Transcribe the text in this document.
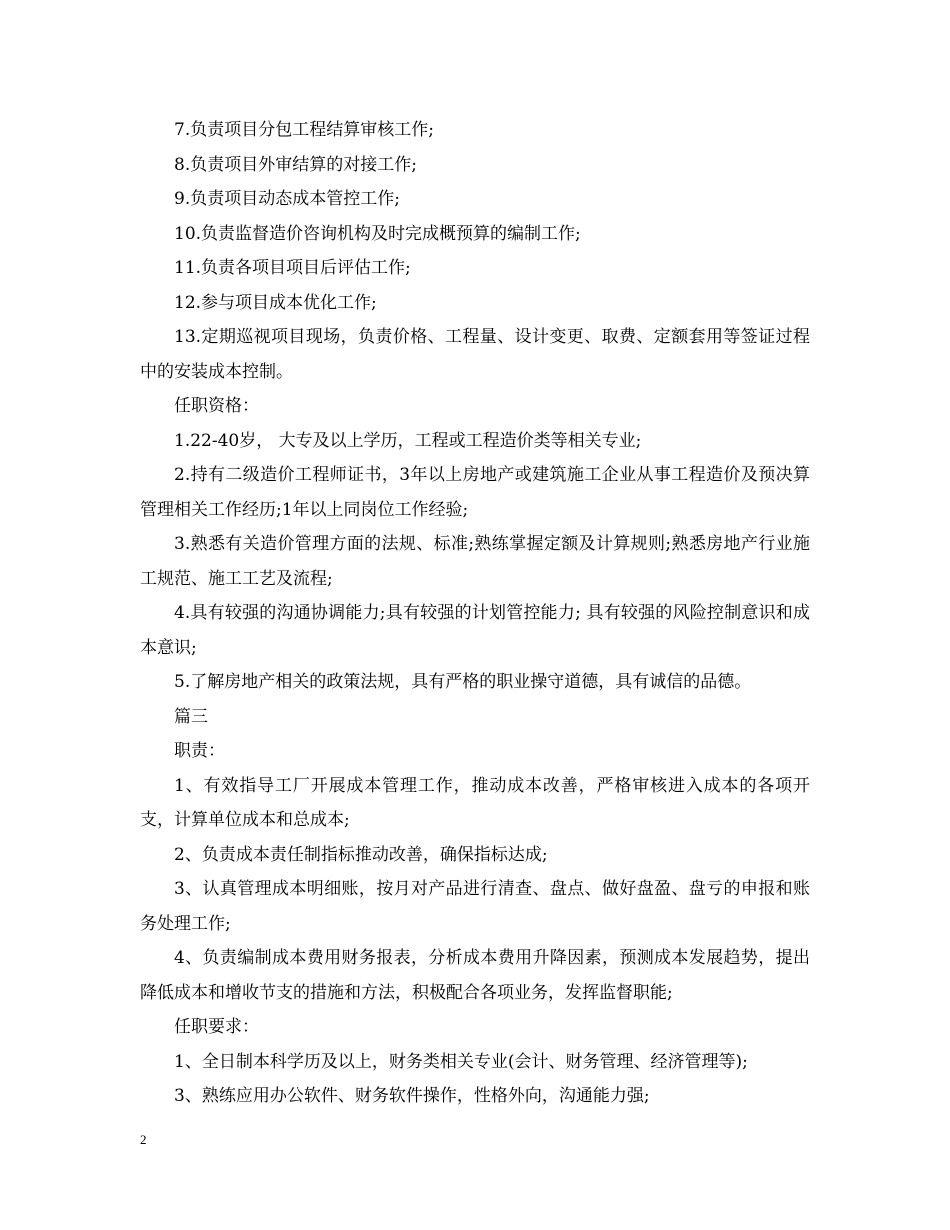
7.负责项目分包工程结算审核工作;

8.负责项目外审结算的对接工作;

9.负责项目动态成本管控工作;

10.负责监督造价咨询机构及时完成概预算的编制工作;

11.负责各项目项目后评估工作;

12.参与项目成本优化工作;

13.定期巡视项目现场，负责价格、工程量、设计变更、取费、定额套用等签证过程中的安装成本控制。

任职资格：

1.22-40岁， 大专及以上学历，工程或工程造价类等相关专业;

2.持有二级造价工程师证书，3年以上房地产或建筑施工企业从事工程造价及预决算管理相关工作经历;1年以上同岗位工作经验;

3.熟悉有关造价管理方面的法规、标准;熟练掌握定额及计算规则;熟悉房地产行业施工规范、施工工艺及流程;

4.具有较强的沟通协调能力;具有较强的计划管控能力; 具有较强的风险控制意识和成本意识;

5.了解房地产相关的政策法规，具有严格的职业操守道德，具有诚信的品德。

篇三

职责：

1、有效指导工厂开展成本管理工作，推动成本改善，严格审核进入成本的各项开支，计算单位成本和总成本;

2、负责成本责任制指标推动改善，确保指标达成;

3、认真管理成本明细账，按月对产品进行清查、盘点、做好盘盈、盘亏的申报和账务处理工作;

4、负责编制成本费用财务报表，分析成本费用升降因素，预测成本发展趋势，提出降低成本和增收节支的措施和方法，积极配合各项业务，发挥监督职能;

任职要求：

1、全日制本科学历及以上，财务类相关专业(会计、财务管理、经济管理等);

3、熟练应用办公软件、财务软件操作，性格外向，沟通能力强;

2
